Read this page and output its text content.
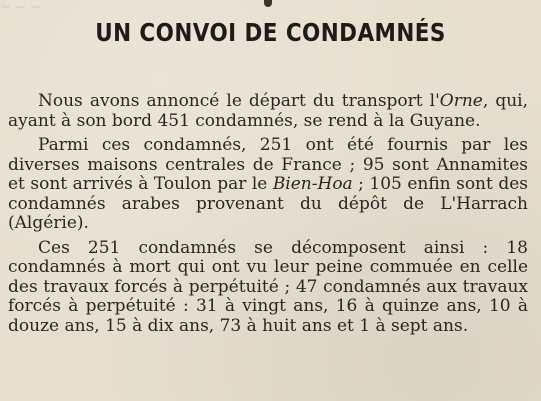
∼ ∼ ∼
UN CONVOI DE CONDAMNÉS

Nous avons annoncé le départ du transport l'Orne, qui, ayant à son bord 451 condamnés, se rend à la Guyane.

Parmi ces condamnés, 251 ont été fournis par les diverses maisons centrales de France ; 95 sont Annamites et sont arrivés à Toulon par le Bien-Hoa ; 105 enfin sont des condamnés arabes provenant du dépôt de L'Harrach (Algérie).

Ces 251 condamnés se décomposent ainsi : 18 condamnés à mort qui ont vu leur peine commuée en celle des travaux forcés à perpétuité ; 47 condamnés aux travaux forcés à perpétuité : 31 à vingt ans, 16 à quinze ans, 10 à douze ans, 15 à dix ans, 73 à huit ans et 1 à sept ans.
